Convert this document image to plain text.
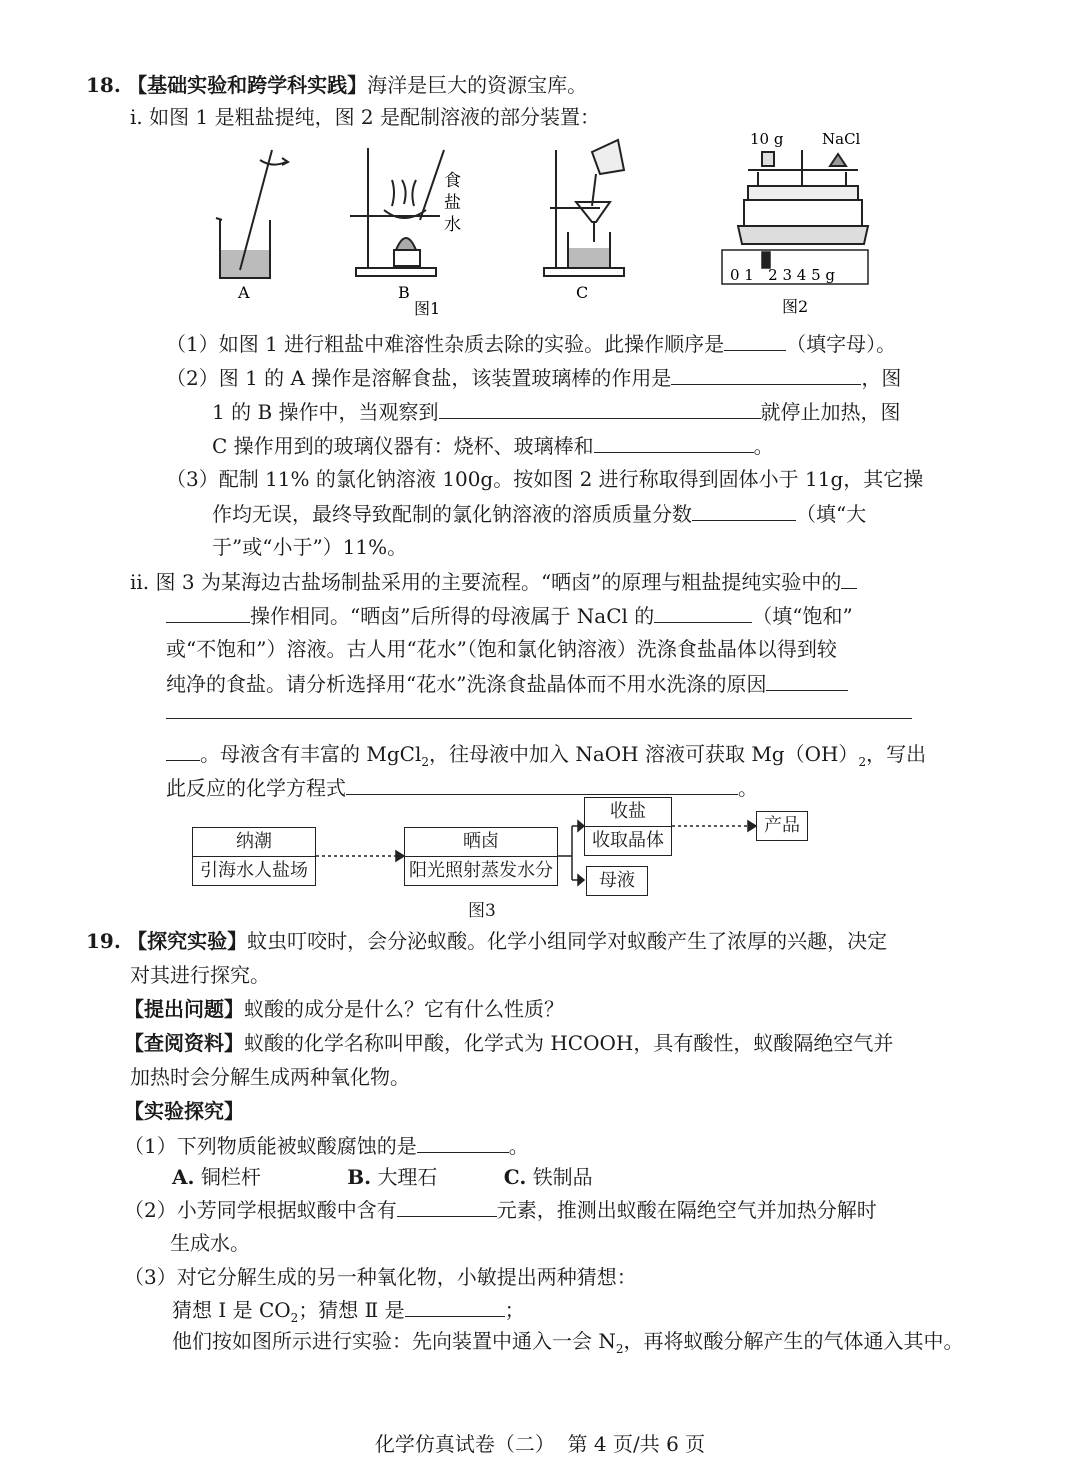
18. 【基础实验和跨学科实践】海洋是巨大的资源宝库。
ⅰ. 如图 1 是粗盐提纯，图 2 是配制溶液的部分装置：
A
食
盐
水
B
图1
C
10 g	NaCl
0 1   2 3 4 5 g
图2
（1）如图 1 进行粗盐中难溶性杂质去除的实验。此操作顺序是	（填字母）。
（2）图 1 的 A 操作是溶解食盐，该装置玻璃棒的作用是	，图
1 的 B 操作中，当观察到	就停止加热，图
C 操作用到的玻璃仪器有：烧杯、玻璃棒和	。
（3）配制 11% 的氯化钠溶液 100g。按如图 2 进行称取得到固体小于 11g，其它操
作均无误，最终导致配制的氯化钠溶液的溶质质量分数	（填“大
于”或“小于”）11%。
ⅱ. 图 3 为某海边古盐场制盐采用的主要流程。“晒卤”的原理与粗盐提纯实验中的
操作相同。“晒卤”后所得的母液属于 NaCl 的	（填“饱和”
或“不饱和”）溶液。古人用“花水”（饱和氯化钠溶液）洗涤食盐晶体以得到较
纯净的食盐。请分析选择用“花水”洗涤食盐晶体而不用水洗涤的原因
。母液含有丰富的 MgCl$_2$，往母液中加入 NaOH 溶液可获取 $Mg(OH)_2$，写出
此反应的化学方程式	。
纳潮
引海水人盐场
晒卤
阳光照射蒸发水分
收盐
收取晶体
母液
产品
图3
19. 【探究实验】蚊虫叮咬时，会分泌蚁酸。化学小组同学对蚁酸产生了浓厚的兴趣，决定
对其进行探究。
【提出问题】蚁酸的成分是什么？它有什么性质？
【查阅资料】蚁酸的化学名称叫甲酸，化学式为 HCOOH，具有酸性，蚁酸隔绝空气并
加热时会分解生成两种氧化物。
【实验探究】
（1）下列物质能被蚁酸腐蚀的是	。
A. 铜栏杆	B. 大理石	C. 铁制品
（2）小芳同学根据蚁酸中含有	元素，推测出蚁酸在隔绝空气并加热分解时
生成水。
（3）对它分解生成的另一种氧化物，小敏提出两种猜想：
猜想 Ⅰ 是 $CO_2$；猜想 Ⅱ 是	；
他们按如图所示进行实验：先向装置中通入一会 $N_2$，再将蚁酸分解产生的气体通入其中。
化学仿真试卷（二）  第 4 页/共 6 页
